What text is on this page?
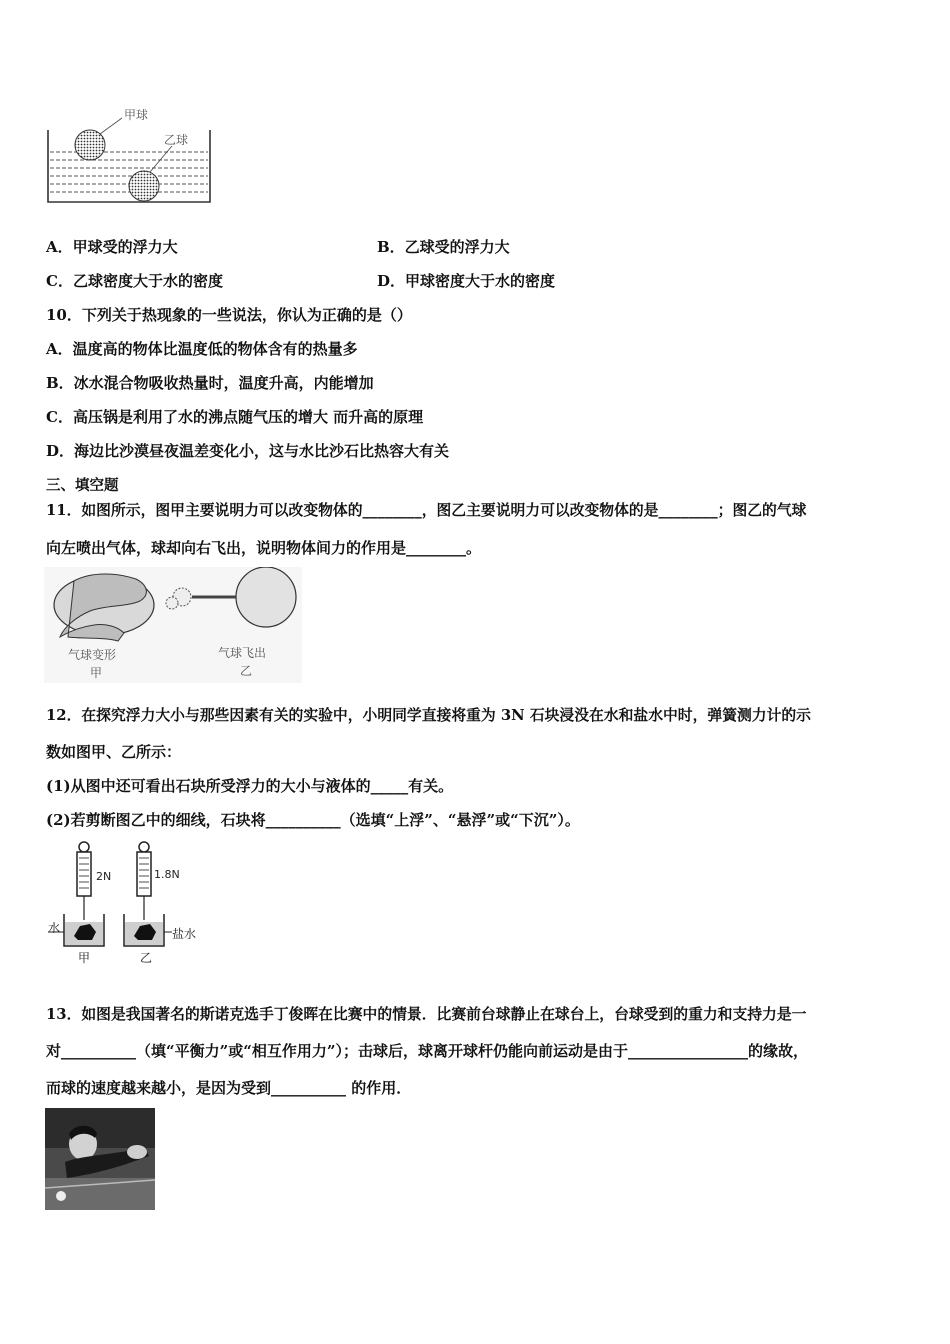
甲球
乙球
A．甲球受的浮力大	B．乙球受的浮力大
C．乙球密度大于水的密度	D．甲球密度大于水的密度
10．下列关于热现象的一些说法，你认为正确的是（）
A．温度高的物体比温度低的物体含有的热量多
B．冰水混合物吸收热量时，温度升高，内能增加
C．高压锅是利用了水的沸点随气压的增大 而升高的原理
D．海边比沙漠昼夜温差变化小，这与水比沙石比热容大有关
三、填空题
11．如图所示，图甲主要说明力可以改变物体的________，图乙主要说明力可以改变物体的是________；图乙的气球
向左喷出气体，球却向右飞出，说明物体间力的作用是________。
气球变形
甲
气球飞出
乙
12．在探究浮力大小与那些因素有关的实验中，小明同学直接将重为 3N 石块浸没在水和盐水中时，弹簧测力计的示
数如图甲、乙所示：
(1)从图中还可看出石块所受浮力的大小与液体的_____有关。
(2)若剪断图乙中的细线，石块将__________（选填“上浮”、“悬浮”或“下沉”）。
2N
水
甲
1.8N
盐水
乙
13．如图是我国著名的斯诺克选手丁俊晖在比赛中的情景．比赛前台球静止在球台上，台球受到的重力和支持力是一
对__________（填“平衡力”或“相互作用力”）；击球后，球离开球杆仍能向前运动是由于________________的缘故，
而球的速度越来越小，是因为受到__________ 的作用．
